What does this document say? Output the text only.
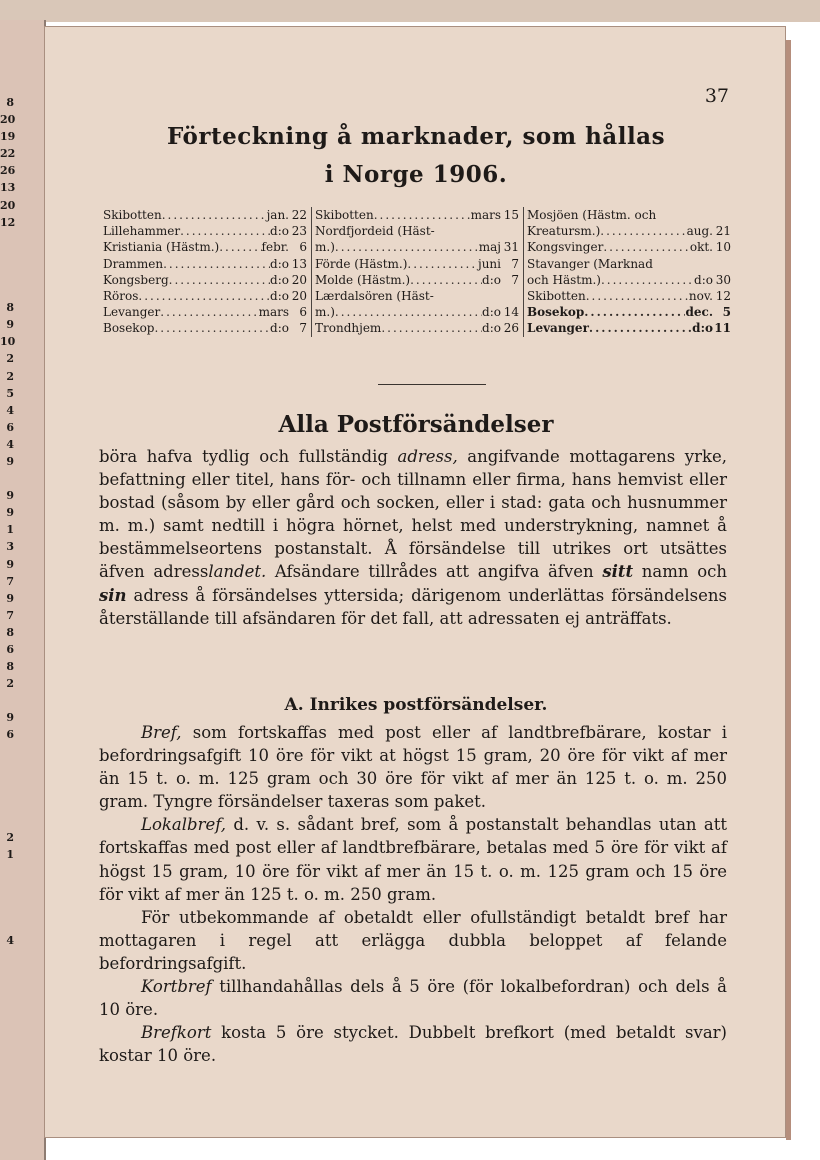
8
20
19
22
26
13
20
12
8
9
10
2
2
5
4
6
4
9
9
9
1
3
9
7
9
7
8
6
8
2
9
6
2
1
4
37
Förteckning å marknader, som hållas
i Norge 1906.
Skibotten .....	jan. 22
Lillehammer .....	d:o 23
Kristiania (Hästm.) .....	febr. 6
Drammen .....	d:o 13
Kongsberg .....	d:o 20
Röros .....	d:o 20
Levanger .....	mars 6
Bosekop .....	d:o 7
Skibotten .....	mars 15
Nordfjordeid (Häst-
m.) .....	maj 31
Förde (Hästm.) .....	juni 7
Molde (Hästm.) .....	d:o 7
Lærdalsören (Häst-
m.) .....	d:o 14
Trondhjem .....	d:o 26
Mosjöen (Hästm. och
Kreatursm.) .....	aug. 21
Kongsvinger .....	okt. 10
Stavanger (Marknad
och Hästm.) .....	d:o 30
Skibotten .....	nov. 12
Bosekop .....	dec. 5
Levanger .....	d:o 11
Alla Postförsändelser

böra hafva tydlig och fullständig adress, angifvande mottagarens yrke, befattning eller titel, hans för- och tillnamn eller firma, hans hemvist eller bostad (såsom by eller gård och socken, eller i stad: gata och husnummer m. m.) samt nedtill i högra hörnet, helst med understrykning, namnet å bestämmelseortens postanstalt. Å försändelse till utrikes ort utsättes äfven adresslandet. Afsändare tillrådes att angifva äfven sitt namn och sin adress å försändelses yttersida; därigenom underlättas försändelsens återställande till afsändaren för det fall, att adressaten ej anträffats.

A. Inrikes postförsändelser.

Bref, som fortskaffas med post eller af landtbrefbärare, kostar i befordringsafgift 10 öre för vikt at högst 15 gram, 20 öre för vikt af mer än 15 t. o. m. 125 gram och 30 öre för vikt af mer än 125 t. o. m. 250 gram. Tyngre försändelser taxeras som paket.

Lokalbref, d. v. s. sådant bref, som å postanstalt behandlas utan att fortskaffas med post eller af landtbrefbärare, betalas med 5 öre för vikt af högst 15 gram, 10 öre för vikt af mer än 15 t. o. m. 125 gram och 15 öre för vikt af mer än 125 t. o. m. 250 gram.

För utbekommande af obetaldt eller ofullständigt betaldt bref har mottagaren i regel att erlägga dubbla beloppet af felande befordringsafgift.

Kortbref tillhandahållas dels å 5 öre (för lokalbefordran) och dels å 10 öre.

Brefkort kosta 5 öre stycket. Dubbelt brefkort (med betaldt svar) kostar 10 öre.
